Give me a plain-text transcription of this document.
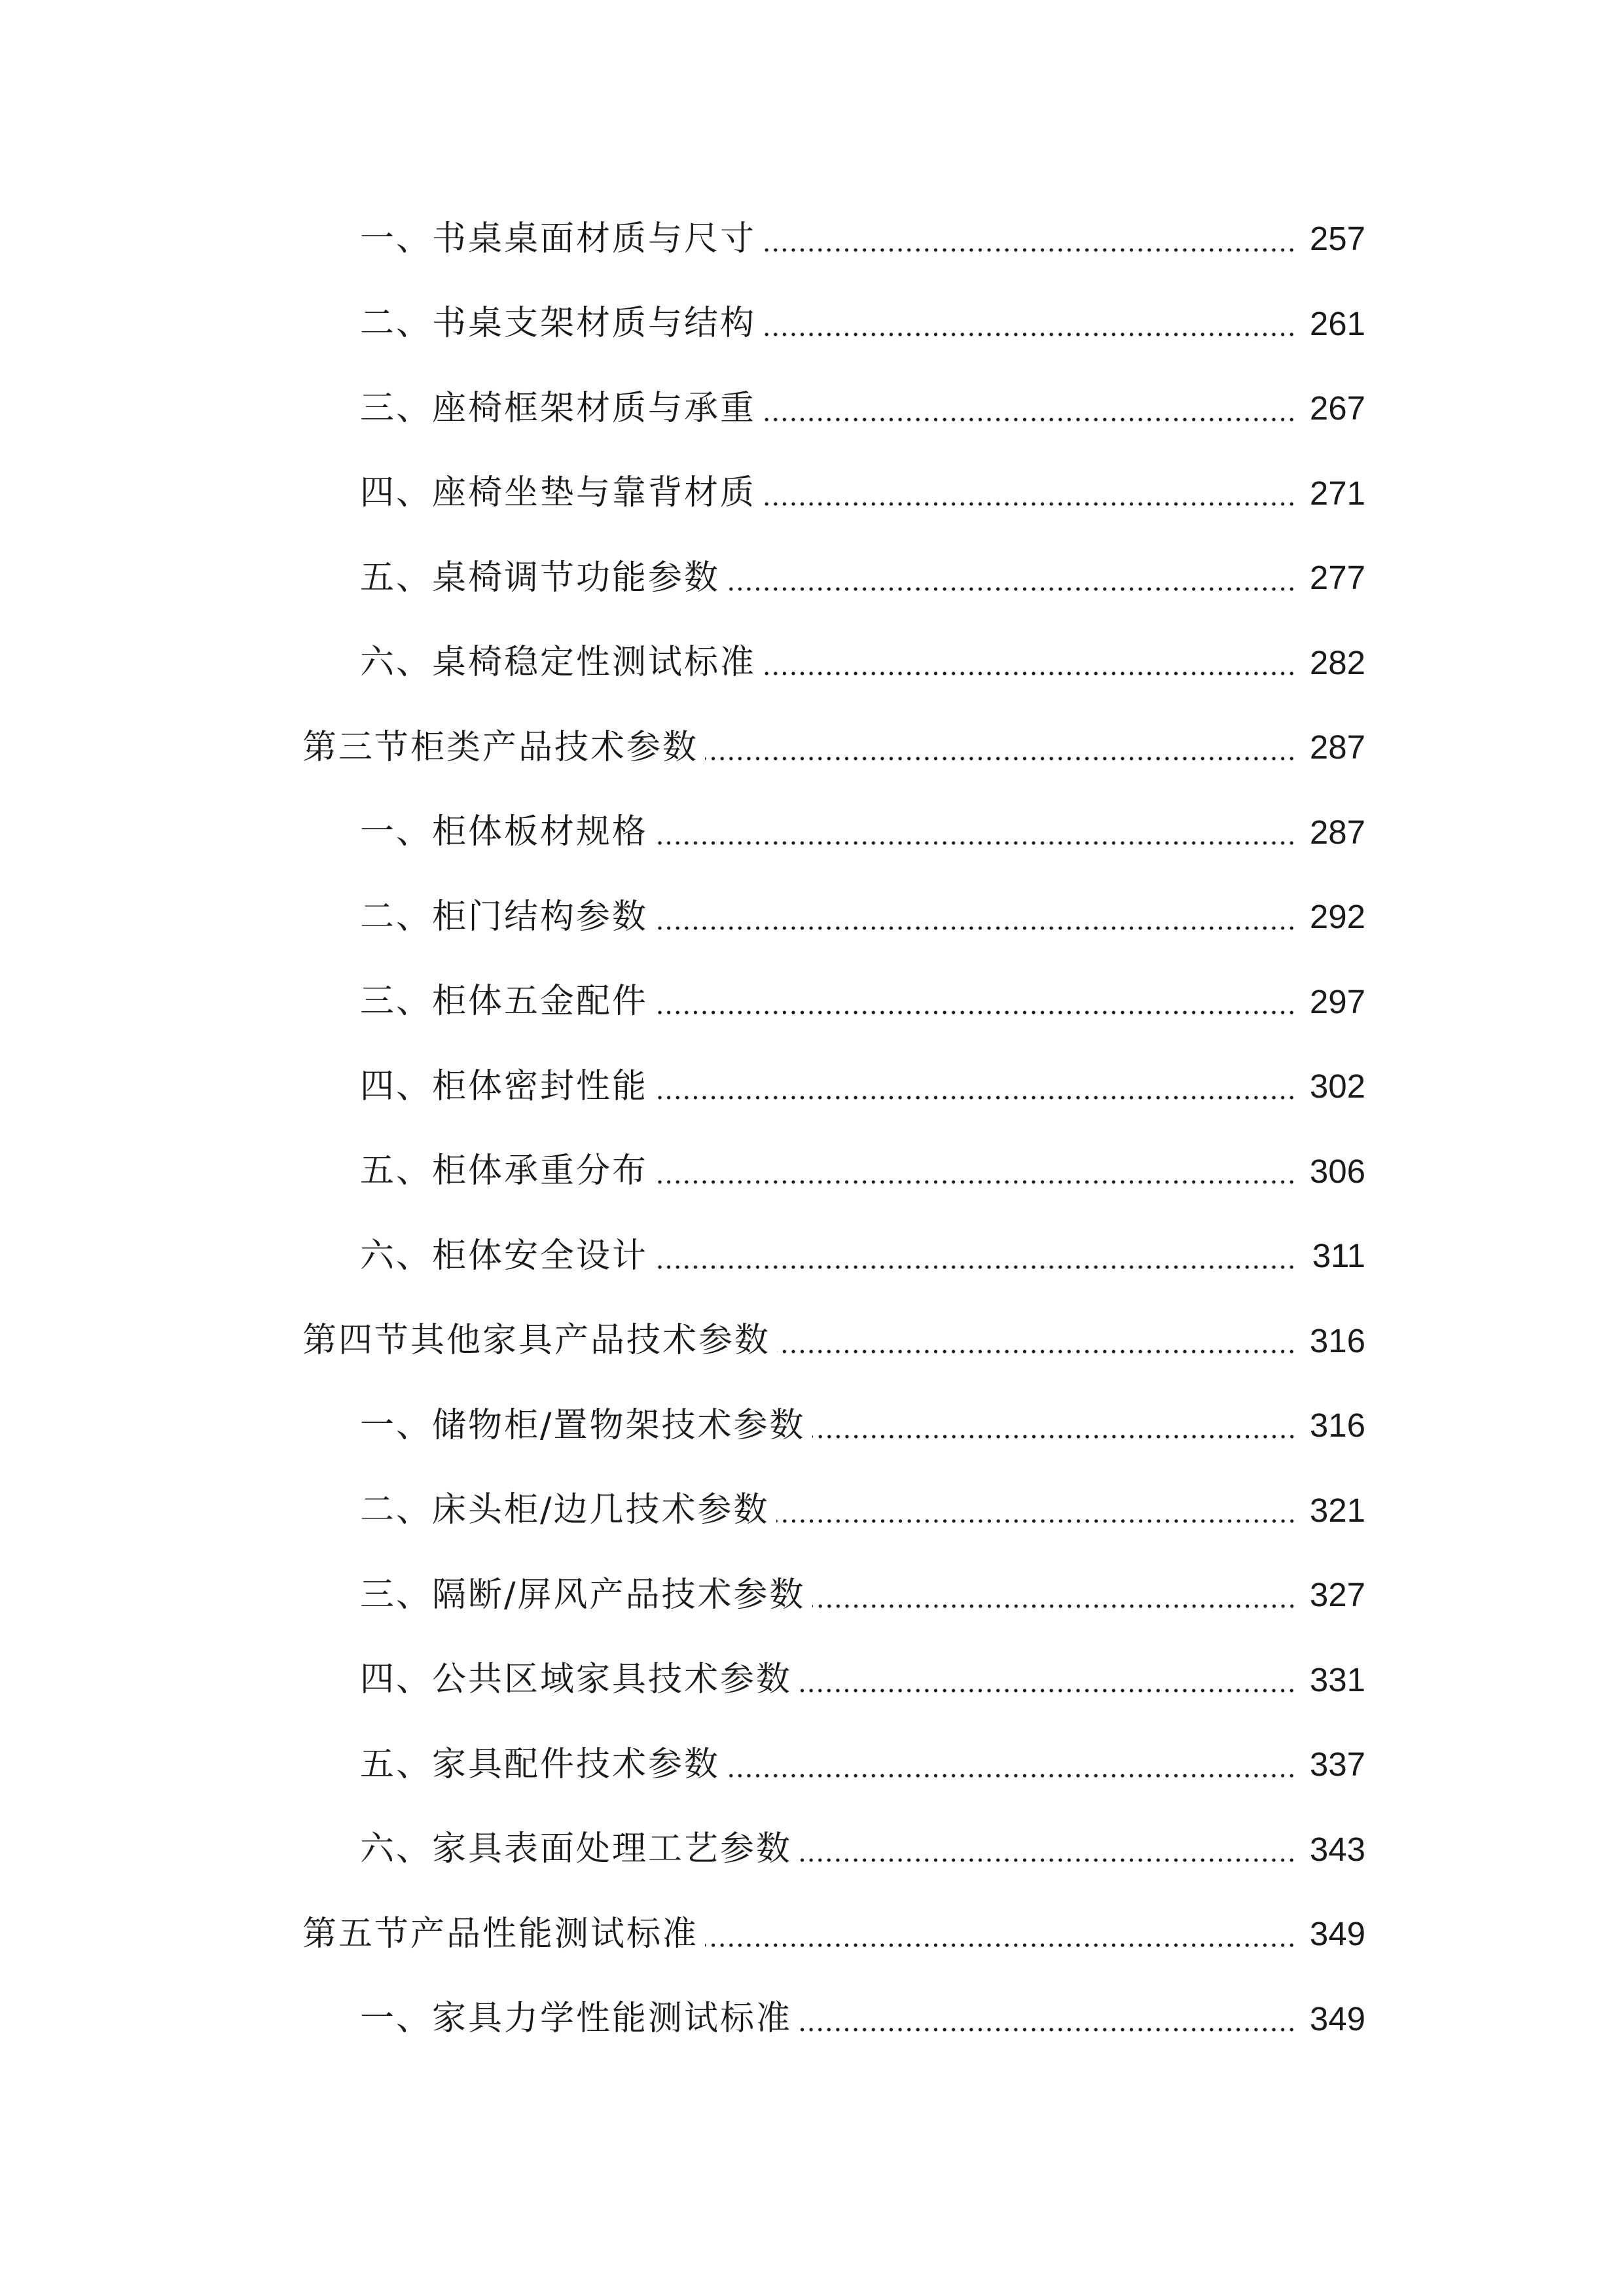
一、书桌桌面材质与尺寸	257
二、书桌支架材质与结构	261
三、座椅框架材质与承重	267
四、座椅坐垫与靠背材质	271
五、桌椅调节功能参数	277
六、桌椅稳定性测试标准	282
第三节柜类产品技术参数	287
一、柜体板材规格	287
二、柜门结构参数	292
三、柜体五金配件	297
四、柜体密封性能	302
五、柜体承重分布	306
六、柜体安全设计	311
第四节其他家具产品技术参数	316
一、储物柜/置物架技术参数	316
二、床头柜/边几技术参数	321
三、隔断/屏风产品技术参数	327
四、公共区域家具技术参数	331
五、家具配件技术参数	337
六、家具表面处理工艺参数	343
第五节产品性能测试标准	349
一、家具力学性能测试标准	349
